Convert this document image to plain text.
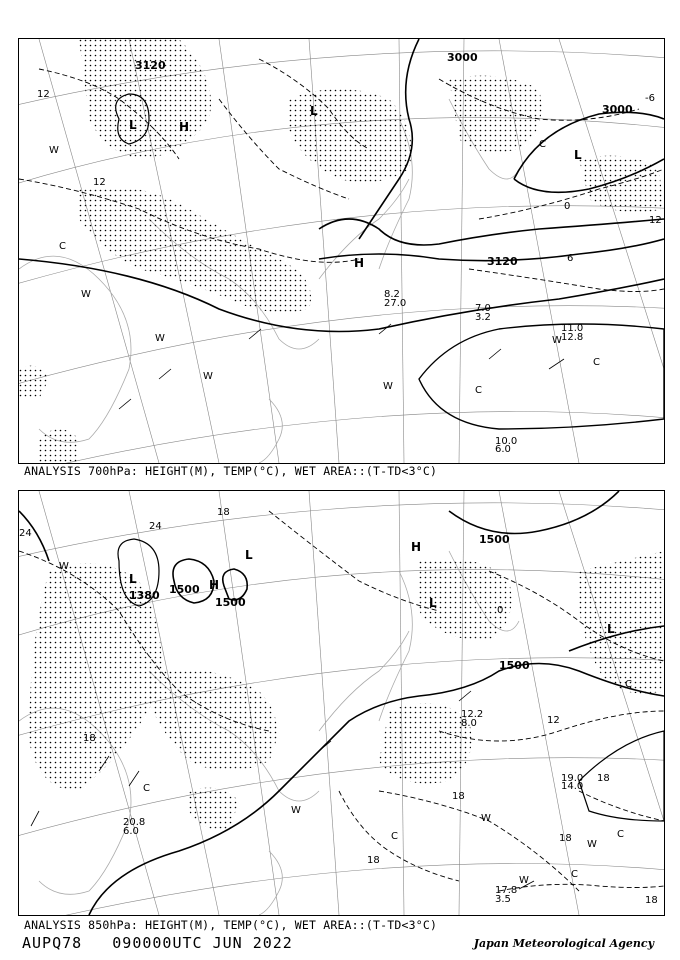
3000
3120
3000
3120
12
12
12
0
-6
6
L	H
H
L
L
W
C
W
W
W
W	C
C
W
C
11.0
12.8
10.0
6.0
7.0
3.2
8.2
27.0
ANALYSIS 700hPa: HEIGHT(M), TEMP(°C), WET AREA::(T-TD<3°C)
1500
1500
1500
1380
1500
24
18
24
18
18
12
0
18
18
18
18
L	H
H
L
L
L
W
C
W
W
W
C
C
W
C
C
17.8
3.5
19.0
14.0
20.8
6.0
12.2
8.0
ANALYSIS 850hPa: HEIGHT(M), TEMP(°C), WET AREA::(T-TD<3°C)
AUPQ78 090000UTC JUN 2022	Japan Meteorological Agency
